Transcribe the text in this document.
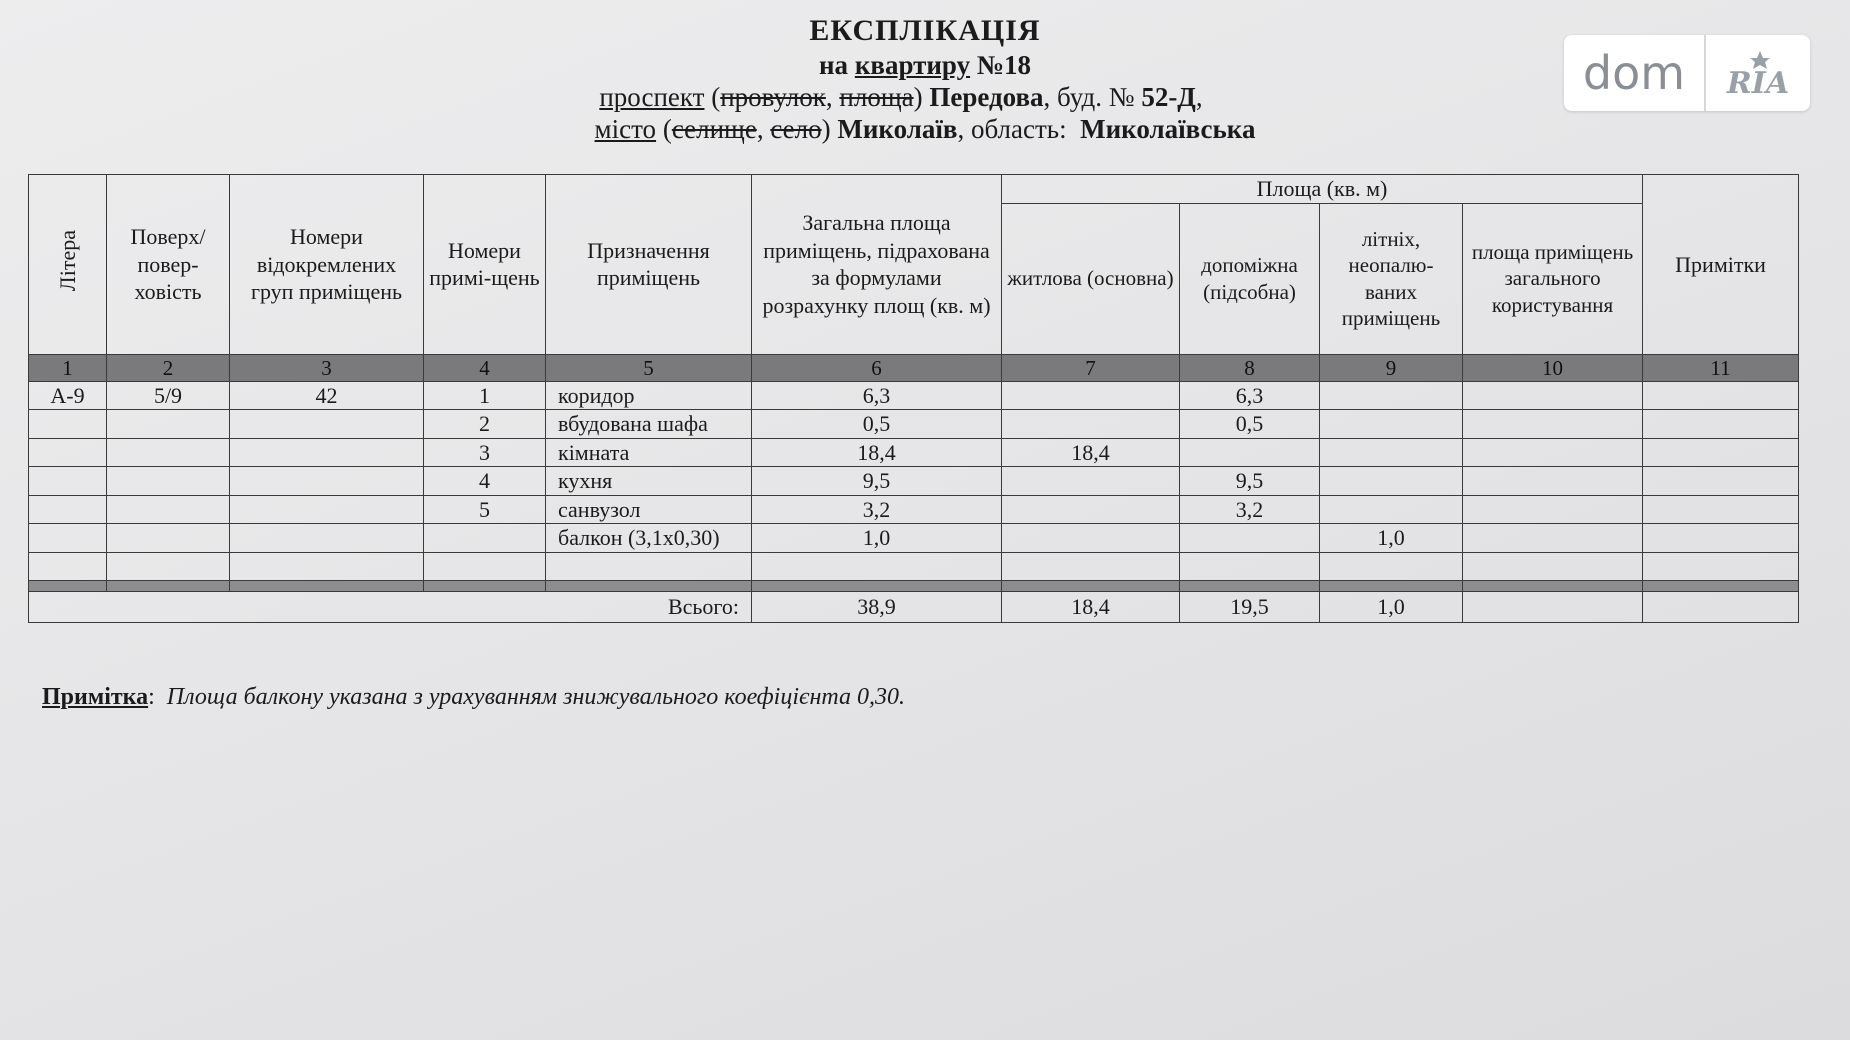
ЕКСПЛІКАЦІЯ
на квартиру №18
проспект (провулок, площа) Передова, буд. № 52-Д,
місто (селище, село) Миколаїв, область: Миколаївська
dom	RIA
Літера	Поверх/ повер-ховість	Номери відокремлених груп приміщень	Номери примі-щень	Призначення приміщень	Загальна площа приміщень, підрахована за формулами розрахунку площ (кв. м)	Площа (кв. м)				Примітки
						житлова (основна)	допоміжна (підсобна)	літніх, неопалю-ваних приміщень	площа приміщень загального користування	
1	2	3	4	5	6	7	8	9	10	11
А-9	5/9	42	1	коридор	6,3		6,3			
			2	вбудована шафа	0,5		0,5			
			3	кімната	18,4	18,4				
			4	кухня	9,5		9,5			
			5	санвузол	3,2		3,2			
				балкон (3,1х0,30)	1,0			1,0		

Всього:					38,9	18,4	19,5	1,0		
Примітка: Площа балкону указана з урахуванням знижувального коефіцієнта 0,30.
